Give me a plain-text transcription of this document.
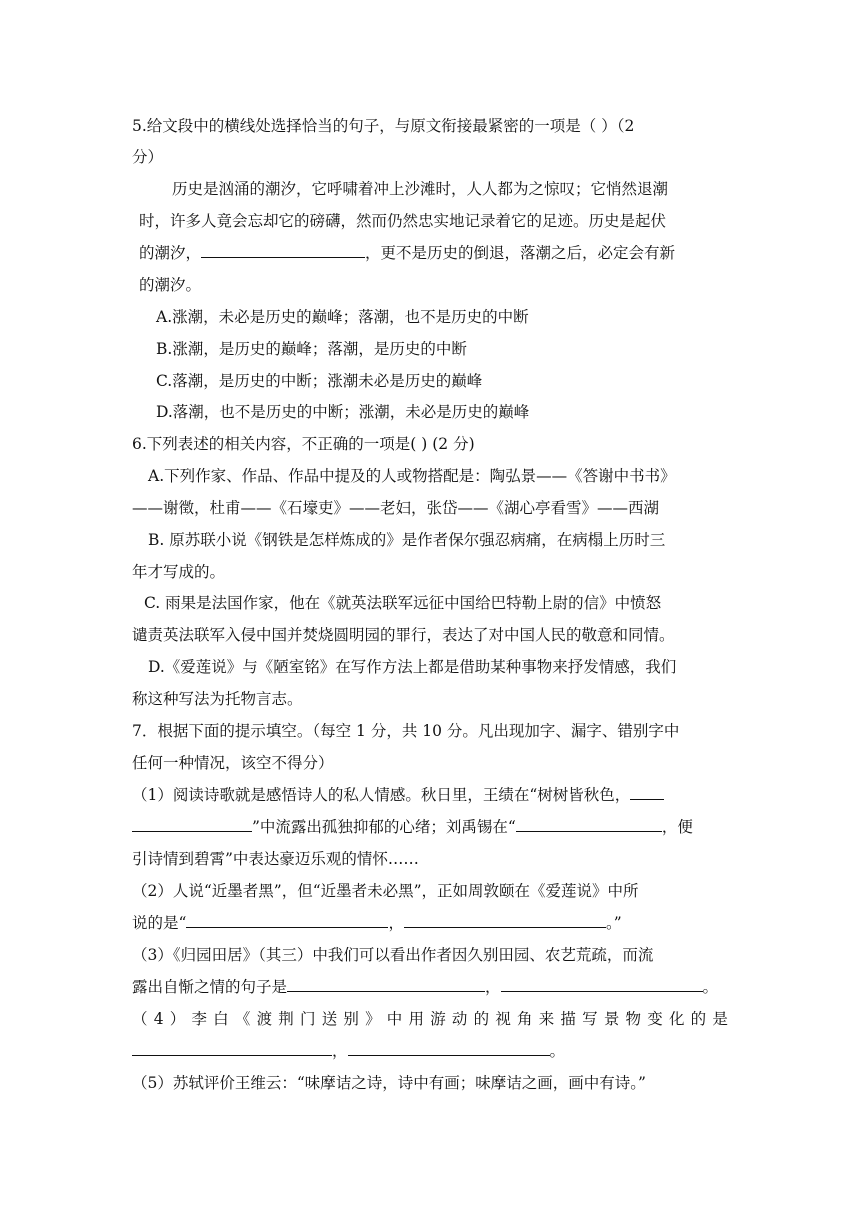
5.给文段中的横线处选择恰当的句子，与原文衔接最紧密的一项是（ ）（2
分）
历史是汹涌的潮汐，它呼啸着冲上沙滩时，人人都为之惊叹；它悄然退潮
时，许多人竟会忘却它的磅礴，然而仍然忠实地记录着它的足迹。历史是起伏
的潮汐，	，更不是历史的倒退，落潮之后，必定会有新
的潮汐。
A.涨潮，未必是历史的巅峰；落潮，也不是历史的中断
B.涨潮，是历史的巅峰；落潮，是历史的中断
C.落潮，是历史的中断；涨潮未必是历史的巅峰
D.落潮，也不是历史的中断；涨潮，未必是历史的巅峰
6.下列表述的相关内容，不正确的一项是( ) (2 分)
A.下列作家、作品、作品中提及的人或物搭配是：陶弘景——《答谢中书书》
——谢徵，杜甫——《石壕吏》——老妇，张岱——《湖心亭看雪》——西湖
B. 原苏联小说《钢铁是怎样炼成的》是作者保尔强忍病痛，在病榻上历时三
年才写成的。
C. 雨果是法国作家，他在《就英法联军远征中国给巴特勒上尉的信》中愤怒
谴责英法联军入侵中国并焚烧圆明园的罪行，表达了对中国人民的敬意和同情。
D.《爱莲说》与《陋室铭》在写作方法上都是借助某种事物来抒发情感，我们
称这种写法为托物言志。
7．根据下面的提示填空。（每空 1 分，共 10 分。凡出现加字、漏字、错别字中
任何一种情况，该空不得分）
（1）阅读诗歌就是感悟诗人的私人情感。秋日里，王绩在“树树皆秋色，
”中流露出孤独抑郁的心绪；刘禹锡在“	，便
引诗情到碧霄”中表达豪迈乐观的情怀……
（2）人说“近墨者黑”，但“近墨者未必黑”，正如周敦颐在《爱莲说》中所
说的是“	，	。”
（3）《归园田居》（其三）中我们可以看出作者因久别田园、农艺荒疏，而流
露出自惭之情的句子是	，	。
（ 4 ） 李 白 《 渡 荆 门 送 别 》 中 用 游 动 的 视 角 来 描 写 景 物 变 化 的 是
，	。
（5）苏轼评价王维云：“味摩诘之诗，诗中有画；味摩诘之画，画中有诗。”
